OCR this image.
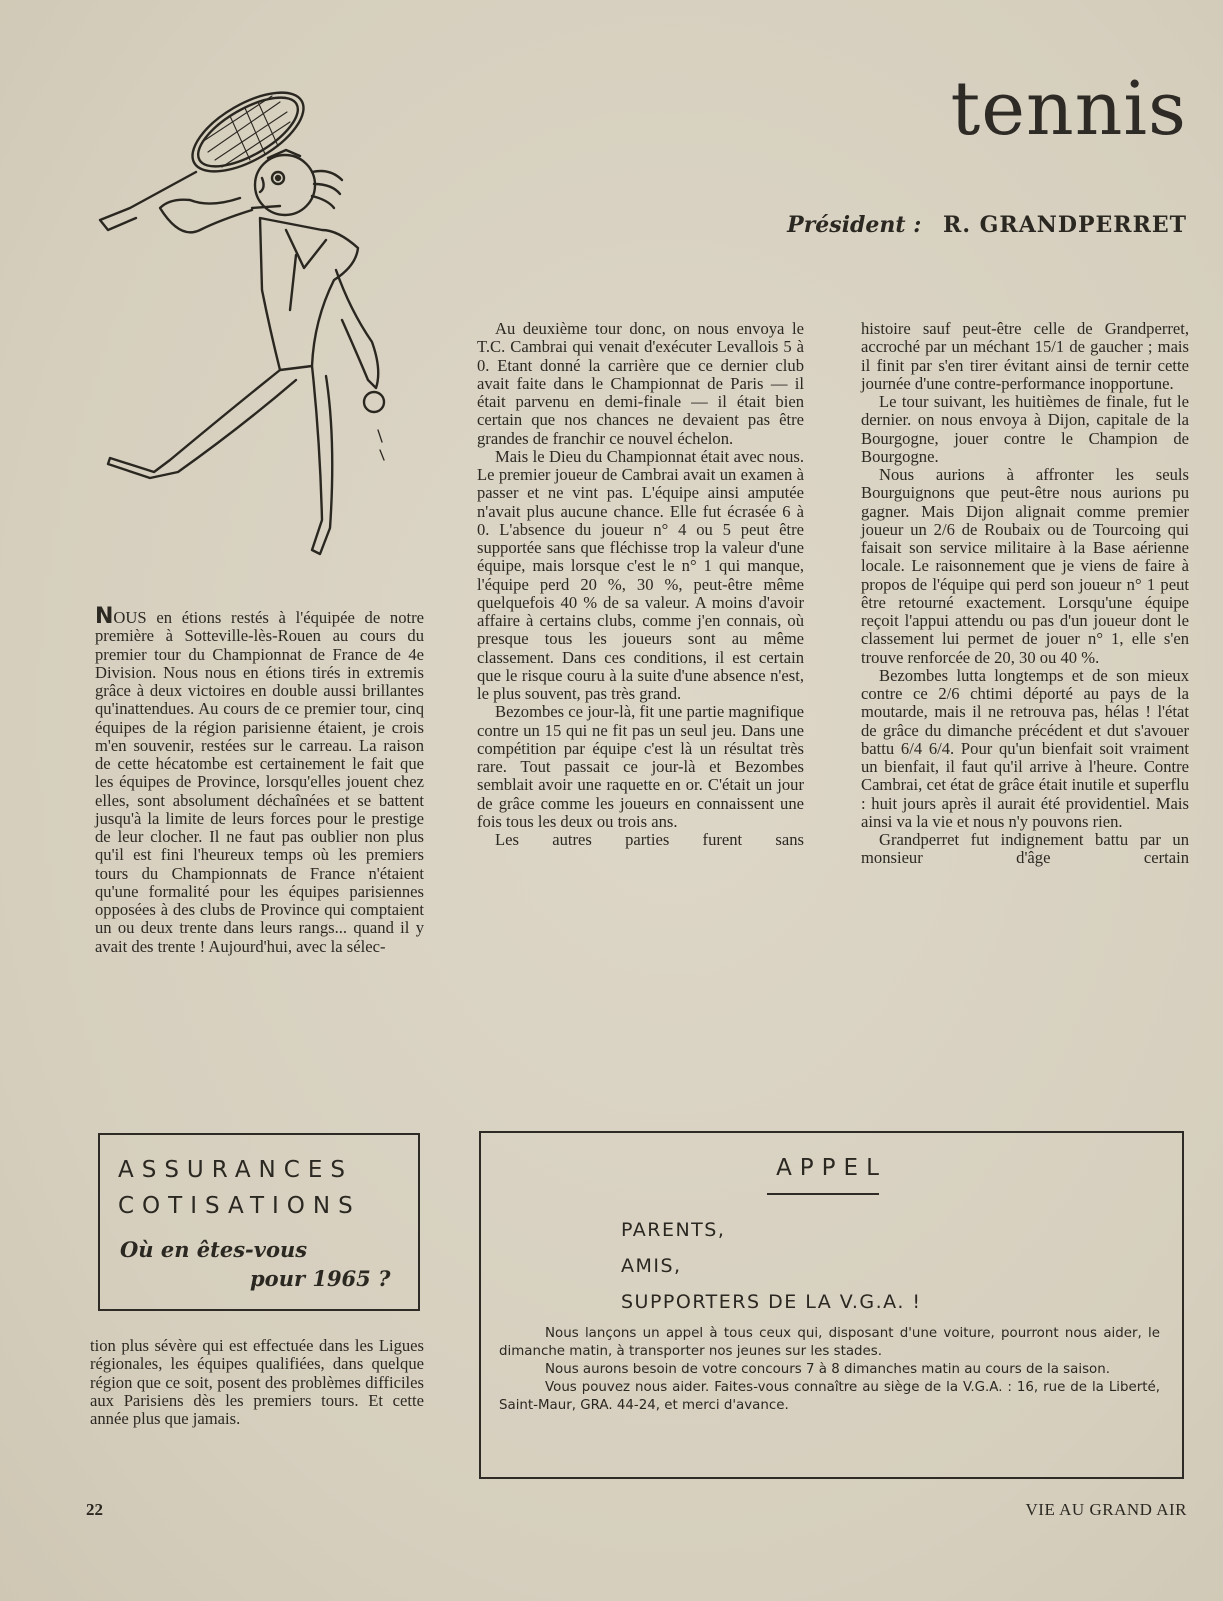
tennis
Président : R. GRANDPERRET

NOUS en étions restés à l'équipée de notre première à Sotteville-lès-Rouen au cours du premier tour du Championnat de France de 4e Division. Nous nous en étions tirés in extremis grâce à deux victoires en double aussi brillantes qu'inattendues. Au cours de ce premier tour, cinq équipes de la région parisienne étaient, je crois m'en souvenir, restées sur le carreau. La raison de cette hécatombe est certainement le fait que les équipes de Province, lorsqu'elles jouent chez elles, sont absolument déchaînées et se battent jusqu'à la limite de leurs forces pour le prestige de leur clocher. Il ne faut pas oublier non plus qu'il est fini l'heureux temps où les premiers tours du Championnats de France n'étaient qu'une formalité pour les équipes parisiennes opposées à des clubs de Province qui comptaient un ou deux trente dans leurs rangs... quand il y avait des trente ! Aujourd'hui, avec la sélec-

tion plus sévère qui est effectuée dans les Ligues régionales, les équipes qualifiées, dans quelque région que ce soit, posent des problèmes difficiles aux Parisiens dès les premiers tours. Et cette année plus que jamais.

Au deuxième tour donc, on nous envoya le T.C. Cambrai qui venait d'exécuter Levallois 5 à 0. Etant donné la carrière que ce dernier club avait faite dans le Championnat de Paris — il était parvenu en demi-finale — il était bien certain que nos chances ne devaient pas être grandes de franchir ce nouvel échelon.

Mais le Dieu du Championnat était avec nous. Le premier joueur de Cambrai avait un examen à passer et ne vint pas. L'équipe ainsi amputée n'avait plus aucune chance. Elle fut écrasée 6 à 0. L'absence du joueur n° 4 ou 5 peut être supportée sans que fléchisse trop la valeur d'une équipe, mais lorsque c'est le n° 1 qui manque, l'équipe perd 20 %, 30 %, peut-être même quelquefois 40 % de sa valeur. A moins d'avoir affaire à certains clubs, comme j'en connais, où presque tous les joueurs sont au même classement. Dans ces conditions, il est certain que le risque couru à la suite d'une absence n'est, le plus souvent, pas très grand.

Bezombes ce jour-là, fit une partie magnifique contre un 15 qui ne fit pas un seul jeu. Dans une compétition par équipe c'est là un résultat très rare. Tout passait ce jour-là et Bezombes semblait avoir une raquette en or. C'était un jour de grâce comme les joueurs en connaissent une fois tous les deux ou trois ans.

Les autres parties furent sans

histoire sauf peut-être celle de Grandperret, accroché par un méchant 15/1 de gaucher ; mais il finit par s'en tirer évitant ainsi de ternir cette journée d'une contre-performance inopportune.

Le tour suivant, les huitièmes de finale, fut le dernier. on nous envoya à Dijon, capitale de la Bourgogne, jouer contre le Champion de Bourgogne.

Nous aurions à affronter les seuls Bourguignons que peut-être nous aurions pu gagner. Mais Dijon alignait comme premier joueur un 2/6 de Roubaix ou de Tourcoing qui faisait son service militaire à la Base aérienne locale. Le raisonnement que je viens de faire à propos de l'équipe qui perd son joueur n° 1 peut être retourné exactement. Lorsqu'une équipe reçoit l'appui attendu ou pas d'un joueur dont le classement lui permet de jouer n° 1, elle s'en trouve renforcée de 20, 30 ou 40 %.

Bezombes lutta longtemps et de son mieux contre ce 2/6 chtimi déporté au pays de la moutarde, mais il ne retrouva pas, hélas ! l'état de grâce du dimanche précédent et dut s'avouer battu 6/4 6/4. Pour qu'un bienfait soit vraiment un bienfait, il faut qu'il arrive à l'heure. Contre Cambrai, cet état de grâce était inutile et superflu : huit jours après il aurait été providentiel. Mais ainsi va la vie et nous n'y pouvons rien.

Grandperret fut indignement battu par un monsieur d'âge certain

ASSURANCES
COTISATIONS
Où en êtes-vous
pour 1965 ?
APPEL
PARENTS,
AMIS,
SUPPORTERS DE LA V.G.A. !

Nous lançons un appel à tous ceux qui, disposant d'une voiture, pourront nous aider, le dimanche matin, à transporter nos jeunes sur les stades.

Nous aurons besoin de votre concours 7 à 8 dimanches matin au cours de la saison.

Vous pouvez nous aider. Faites-vous connaître au siège de la V.G.A. : 16, rue de la Liberté, Saint-Maur, GRA. 44-24, et merci d'avance.

22	VIE AU GRAND AIR
